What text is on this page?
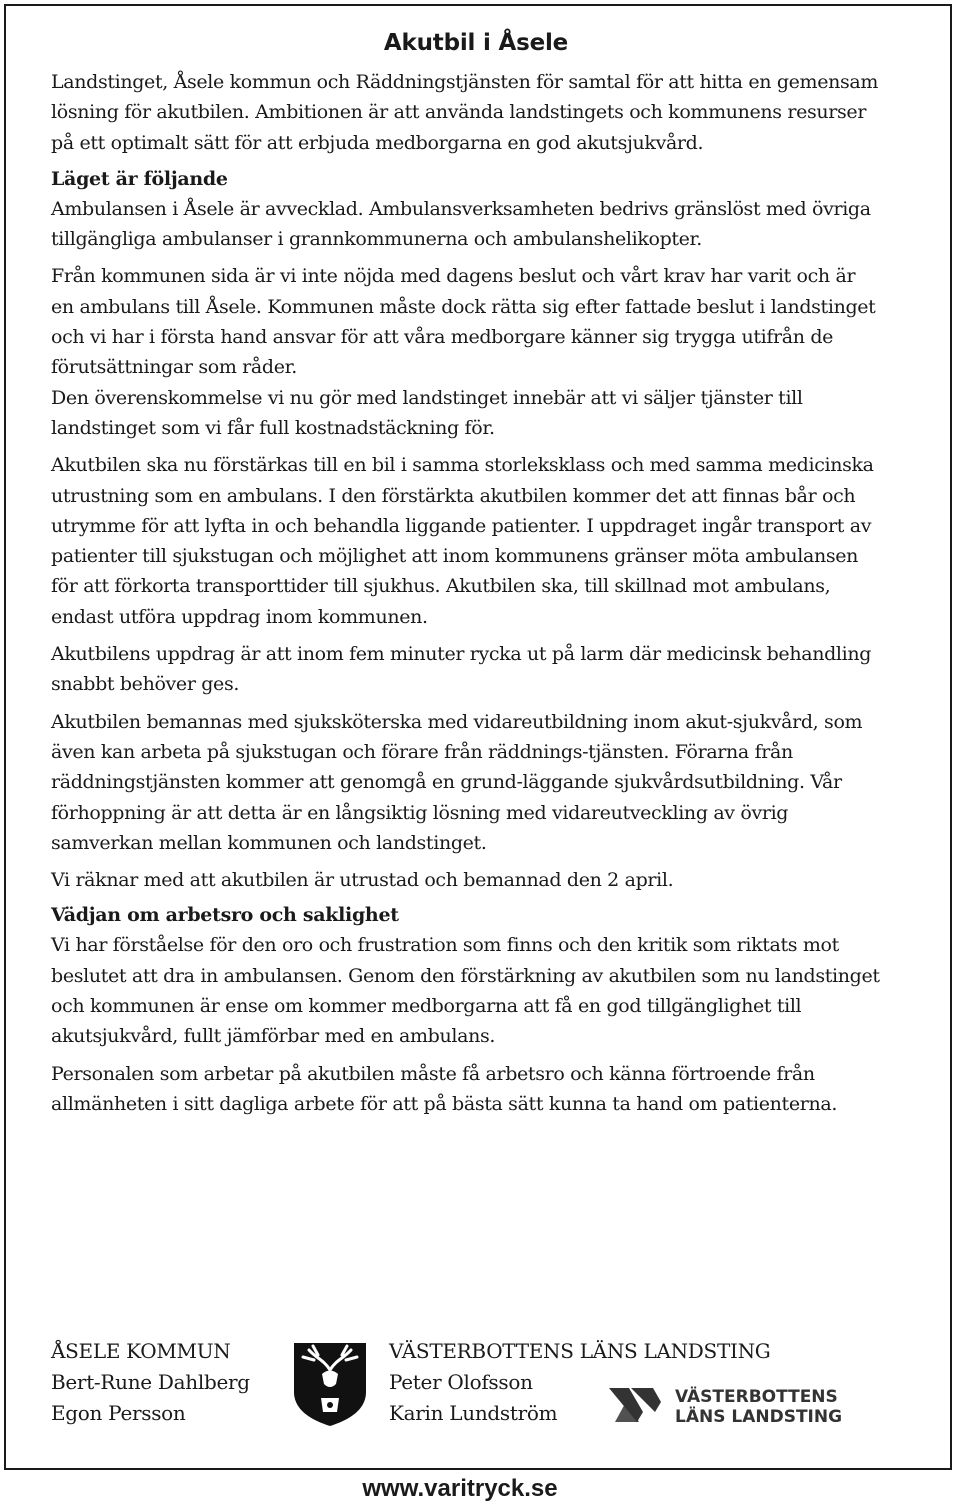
Akutbil i Åsele

Landstinget, Åsele kommun och Räddningstjänsten för samtal för att hitta en gemensam lösning för akutbilen. Ambitionen är att använda landstingets och kommunens resurser på ett optimalt sätt för att erbjuda medborgarna en god akutsjukvård.

Läget är följande

Ambulansen i Åsele är avvecklad. Ambulansverksamheten bedrivs gränslöst med övriga tillgängliga ambulanser i grannkommunerna och ambulanshelikopter.

Från kommunen sida är vi inte nöjda med dagens beslut och vårt krav har varit och är en ambulans till Åsele. Kommunen måste dock rätta sig efter fattade beslut i landstinget och vi har i första hand ansvar för att våra medborgare känner sig trygga utifrån de förutsättningar som råder.

Den överenskommelse vi nu gör med landstinget innebär att vi säljer tjänster till landstinget som vi får full kostnadstäckning för.

Akutbilen ska nu förstärkas till en bil i samma storleksklass och med samma medicinska utrustning som en ambulans. I den förstärkta akutbilen kommer det att finnas bår och utrymme för att lyfta in och behandla liggande patienter. I uppdraget ingår transport av patienter till sjukstugan och möjlighet att inom kommunens gränser möta ambulansen för att förkorta transporttider till sjukhus. Akutbilen ska, till skillnad mot ambulans, endast utföra uppdrag inom kommunen.

Akutbilens uppdrag är att inom fem minuter rycka ut på larm där medicinsk behandling snabbt behöver ges.

Akutbilen bemannas med sjuksköterska med vidareutbildning inom akut-sjukvård, som även kan arbeta på sjukstugan och förare från räddnings-tjänsten. Förarna från räddningstjänsten kommer att genomgå en grund-läggande sjukvårdsutbildning. Vår förhoppning är att detta är en långsiktig lösning med vidareutveckling av övrig samverkan mellan kommunen och landstinget.

Vi räknar med att akutbilen är utrustad och bemannad den 2 april.

Vädjan om arbetsro och saklighet

Vi har förståelse för den oro och frustration som finns och den kritik som riktats mot beslutet att dra in ambulansen. Genom den förstärkning av akutbilen som nu landstinget och kommunen är ense om kommer medborgarna att få en god tillgänglighet till akutsjukvård, fullt jämförbar med en ambulans.

Personalen som arbetar på akutbilen måste få arbetsro och känna förtroende från allmänheten i sitt dagliga arbete för att på bästa sätt kunna ta hand om patienterna.

ÅSELE KOMMUN
Bert-Rune Dahlberg
Egon Persson
VÄSTERBOTTENS LÄNS LANDSTING
Peter Olofsson
Karin Lundström
VÄSTERBOTTENS
LÄNS LANDSTING
www.varitryck.se
